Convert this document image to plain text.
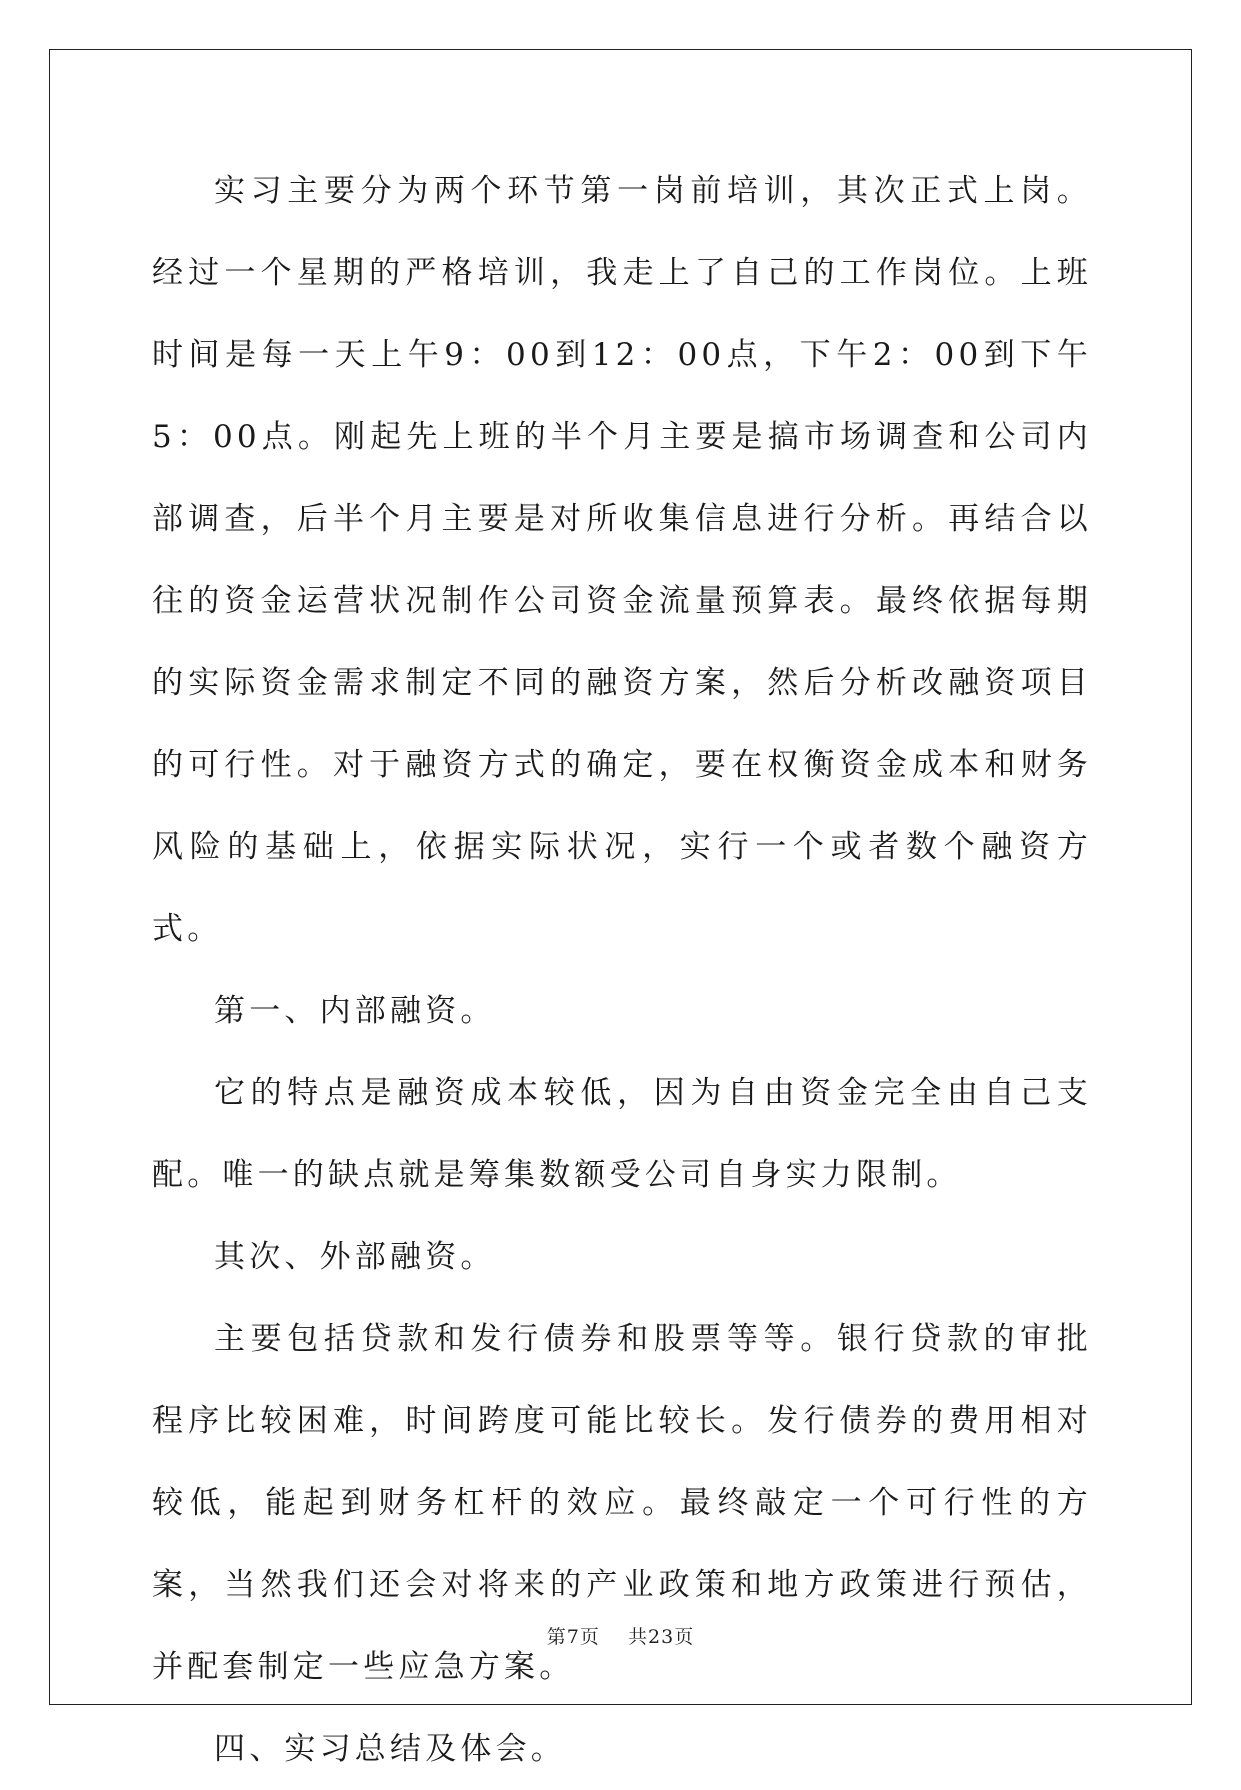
实习主要分为两个环节第一岗前培训，其次正式上岗。经过一个星期的严格培训，我走上了自己的工作岗位。上班时间是每一天上午9：00到12：00点，下午2：00到下午5：00点。刚起先上班的半个月主要是搞市场调查和公司内部调查，后半个月主要是对所收集信息进行分析。再结合以往的资金运营状况制作公司资金流量预算表。最终依据每期的实际资金需求制定不同的融资方案，然后分析改融资项目的可行性。对于融资方式的确定，要在权衡资金成本和财务风险的基础上，依据实际状况，实行一个或者数个融资方式。

第一、内部融资。

它的特点是融资成本较低，因为自由资金完全由自己支配。唯一的缺点就是筹集数额受公司自身实力限制。

其次、外部融资。

主要包括贷款和发行债券和股票等等。银行贷款的审批程序比较困难，时间跨度可能比较长。发行债券的费用相对较低，能起到财务杠杆的效应。最终敲定一个可行性的方案，当然我们还会对将来的产业政策和地方政策进行预估，并配套制定一些应急方案。

四、实习总结及体会。

第7页 共23页
